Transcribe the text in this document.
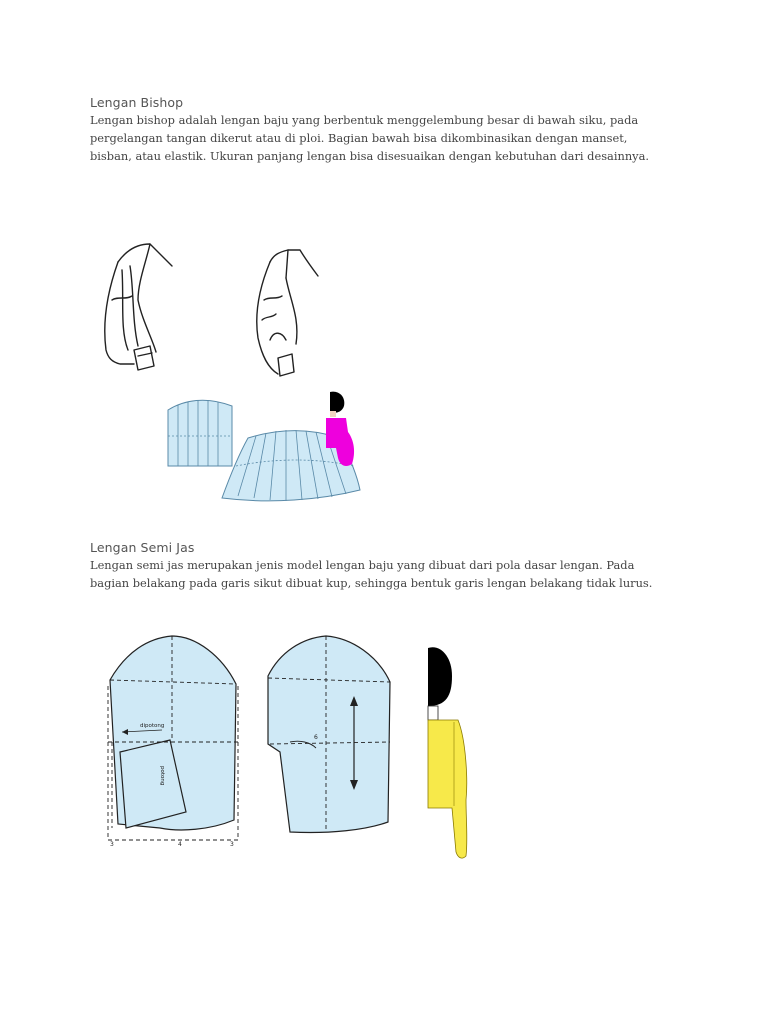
Lengan Bishop
Lengan bishop adalah lengan baju yang berbentuk menggelembung besar di bawah siku, pada
pergelangan tangan dikerut atau di ploi. Bagian bawah bisa dikombinasikan dengan manset,
bisban, atau elastik. Ukuran panjang lengan bisa disesuaikan dengan kebutuhan dari desainnya.
Lengan Semi Jas
Lengan semi jas merupakan jenis model lengan baju yang dibuat dari pola dasar lengan. Pada
bagian belakang pada garis sikut dibuat kup, sehingga bentuk garis lengan belakang tidak lurus.
dipotong
potong
3	4	3
6
